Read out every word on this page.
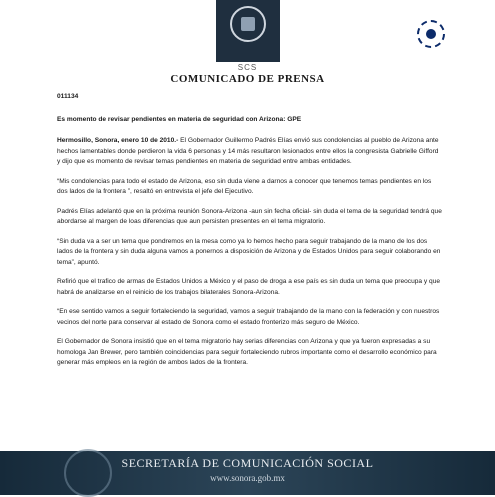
SCS
COMUNICADO DE PRENSA

011134

Es momento de revisar pendientes en materia de seguridad con Arizona: GPE

Hermosillo, Sonora, enero 10 de 2010.- El Gobernador Guillermo Padrés Elías envió sus condolencias al pueblo de Arizona ante hechos lamentables donde perdieron la vida 6 personas y 14 más resultaron lesionados entre ellos la congresista Gabrielle Gifford y dijo que es momento de revisar temas pendientes en materia de seguridad entre ambas entidades.

“Mis condolencias para todo el estado de Arizona, eso sin duda viene a darnos a conocer que tenemos temas pendientes en los dos lados de la frontera ”, resaltó en entrevista el jefe del Ejecutivo.

Padrés Elías adelantó que en la próxima reunión Sonora-Arizona -aun sin fecha oficial- sin duda el tema de la seguridad tendrá que abordarse al margen de loas diferencias que aun persisten presentes en el tema migratorio.

“Sin duda va a ser un tema que pondremos en la mesa como ya lo hemos hecho para seguir trabajando de la mano de los dos lados de la frontera y sin duda alguna vamos a ponernos a disposición de Arizona y de Estados Unidos para seguir colaborando en tema”, apuntó.

Refirió que el trafico de armas de Estados Unidos a México y el paso de droga a ese país es sin duda un tema que preocupa y que habrá de analizarse en el reinicio de los trabajos bilaterales Sonora-Arizona.

“En ese sentido vamos a seguir fortaleciendo la seguridad, vamos a seguir trabajando de la mano con la federación y con nuestros vecinos del norte para conservar al estado de Sonora como el estado fronterizo más seguro de México.

El Gobernador de Sonora insistió que en el tema migratorio hay serias diferencias con Arizona y que ya fueron expresadas a su homologa Jan Brewer, pero también coincidencias para seguir fortaleciendo rubros importante como el desarrollo económico para generar más empleos en la región de ambos lados de la frontera.

SECRETARÍA DE COMUNICACIÓN SOCIAL
www.sonora.gob.mx
